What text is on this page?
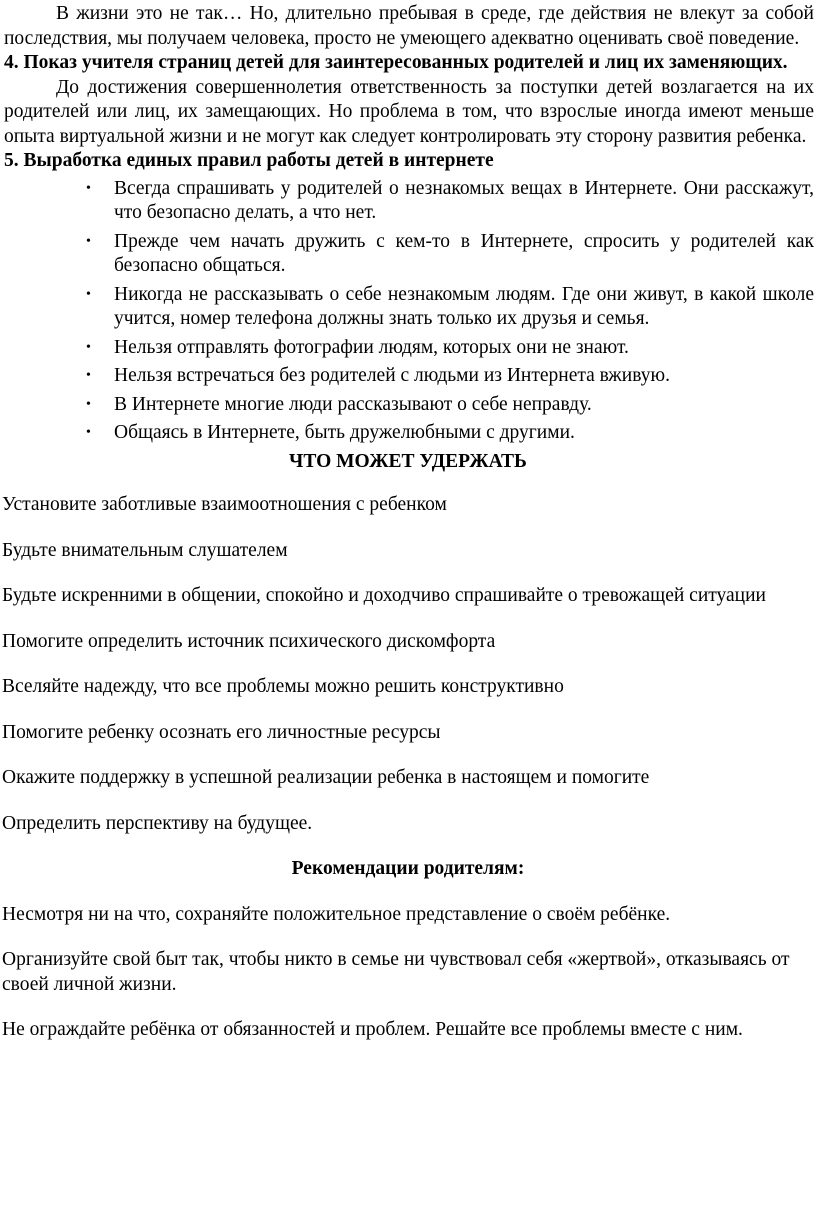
В жизни это не так… Но, длительно пребывая в среде, где действия не влекут за собой последствия, мы получаем человека, просто не умеющего адекватно оценивать своё поведение.

4. Показ учителя страниц детей для заинтересованных родителей и лиц их заменяющих.

До достижения совершеннолетия ответственность за поступки детей возлагается на их родителей или лиц, их замещающих. Но проблема в том, что взрослые иногда имеют меньше опыта виртуальной жизни и не могут как следует контролировать эту сторону развития ребенка.

5. Выработка единых правил работы детей в интернете

• Всегда спрашивать у родителей о незнакомых вещах в Интернете. Они расскажут, что безопасно делать, а что нет.
• Прежде чем начать дружить с кем-то в Интернете, спросить у родителей как безопасно общаться.
• Никогда не рассказывать о себе незнакомым людям. Где они живут, в какой школе учится, номер телефона должны знать только их друзья и семья.
• Нельзя отправлять фотографии людям, которых они не знают.
• Нельзя встречаться без родителей с людьми из Интернета вживую.
• В Интернете многие люди рассказывают о себе неправду.
• Общаясь в Интернете, быть дружелюбными с другими.

ЧТО МОЖЕТ УДЕРЖАТЬ

Установите заботливые взаимоотношения с ребенком

Будьте внимательным слушателем

Будьте искренними в общении, спокойно и доходчиво спрашивайте о тревожащей ситуации

Помогите определить источник психического дискомфорта

Вселяйте надежду, что все проблемы можно решить конструктивно

Помогите ребенку осознать его личностные ресурсы

Окажите поддержку в успешной реализации ребенка в настоящем и помогите

Определить перспективу на будущее.

Рекомендации родителям:

Несмотря ни на что, сохраняйте положительное представление о своём ребёнке.

Организуйте свой быт так, чтобы никто в семье ни чувствовал себя «жертвой», отказываясь от своей личной жизни.

Не ограждайте ребёнка от обязанностей и проблем. Решайте все проблемы вместе с ним.
